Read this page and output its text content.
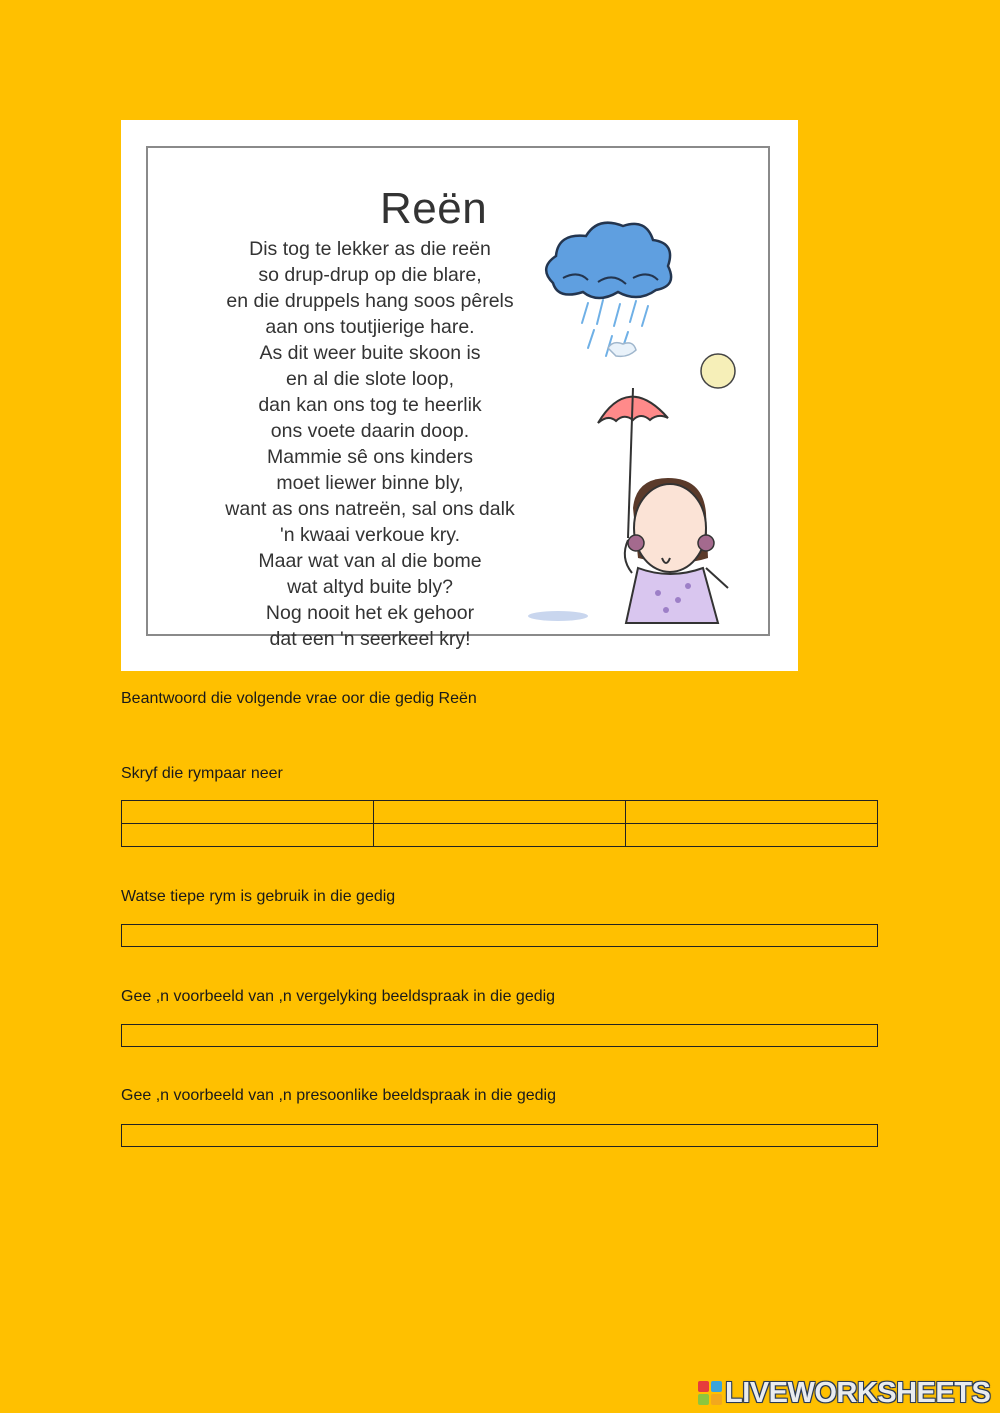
Reën
Dis tog te lekker as die reën
so drup-drup op die blare,
en die druppels hang soos pêrels
aan ons toutjierige hare.
As dit weer buite skoon is
en al die slote loop,
dan kan ons tog te heerlik
ons voete daarin doop.
Mammie sê ons kinders
moet liewer binne bly,
want as ons natreën, sal ons dalk
'n kwaai verkoue kry.
Maar wat van al die bome
wat altyd buite bly?
Nog nooit het ek gehoor
dat een 'n seerkeel kry!
Beantwoord die volgende vrae oor die gedig Reën
Skryf die rympaar neer

Watse tiepe rym is gebruik in die gedig
Gee ,n voorbeeld van ,n vergelyking beeldspraak in die gedig
Gee ,n voorbeeld van ,n presoonlike beeldspraak in die gedig
LIVEWORKSHEETS
